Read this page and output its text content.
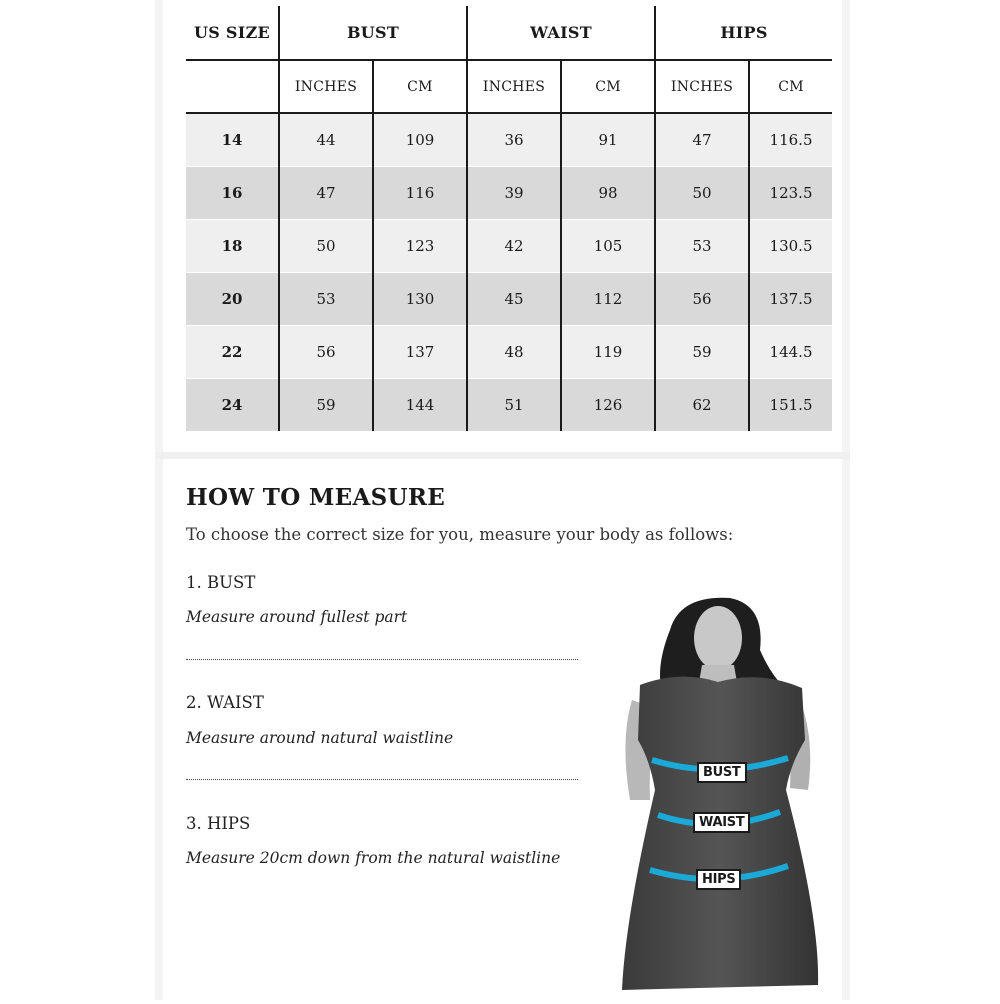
US SIZE	BUST		WAIST		HIPS	
	INCHES	CM	INCHES	CM	INCHES	CM
14	44	109	36	91	47	116.5
16	47	116	39	98	50	123.5
18	50	123	42	105	53	130.5
20	53	130	45	112	56	137.5
22	56	137	48	119	59	144.5
24	59	144	51	126	62	151.5
HOW TO MEASURE
To choose the correct size for you, measure your body as follows:
1. BUST
Measure around fullest part
2. WAIST
Measure around natural waistline
3. HIPS
Measure 20cm down from the natural waistline
BUST
WAIST
HIPS
